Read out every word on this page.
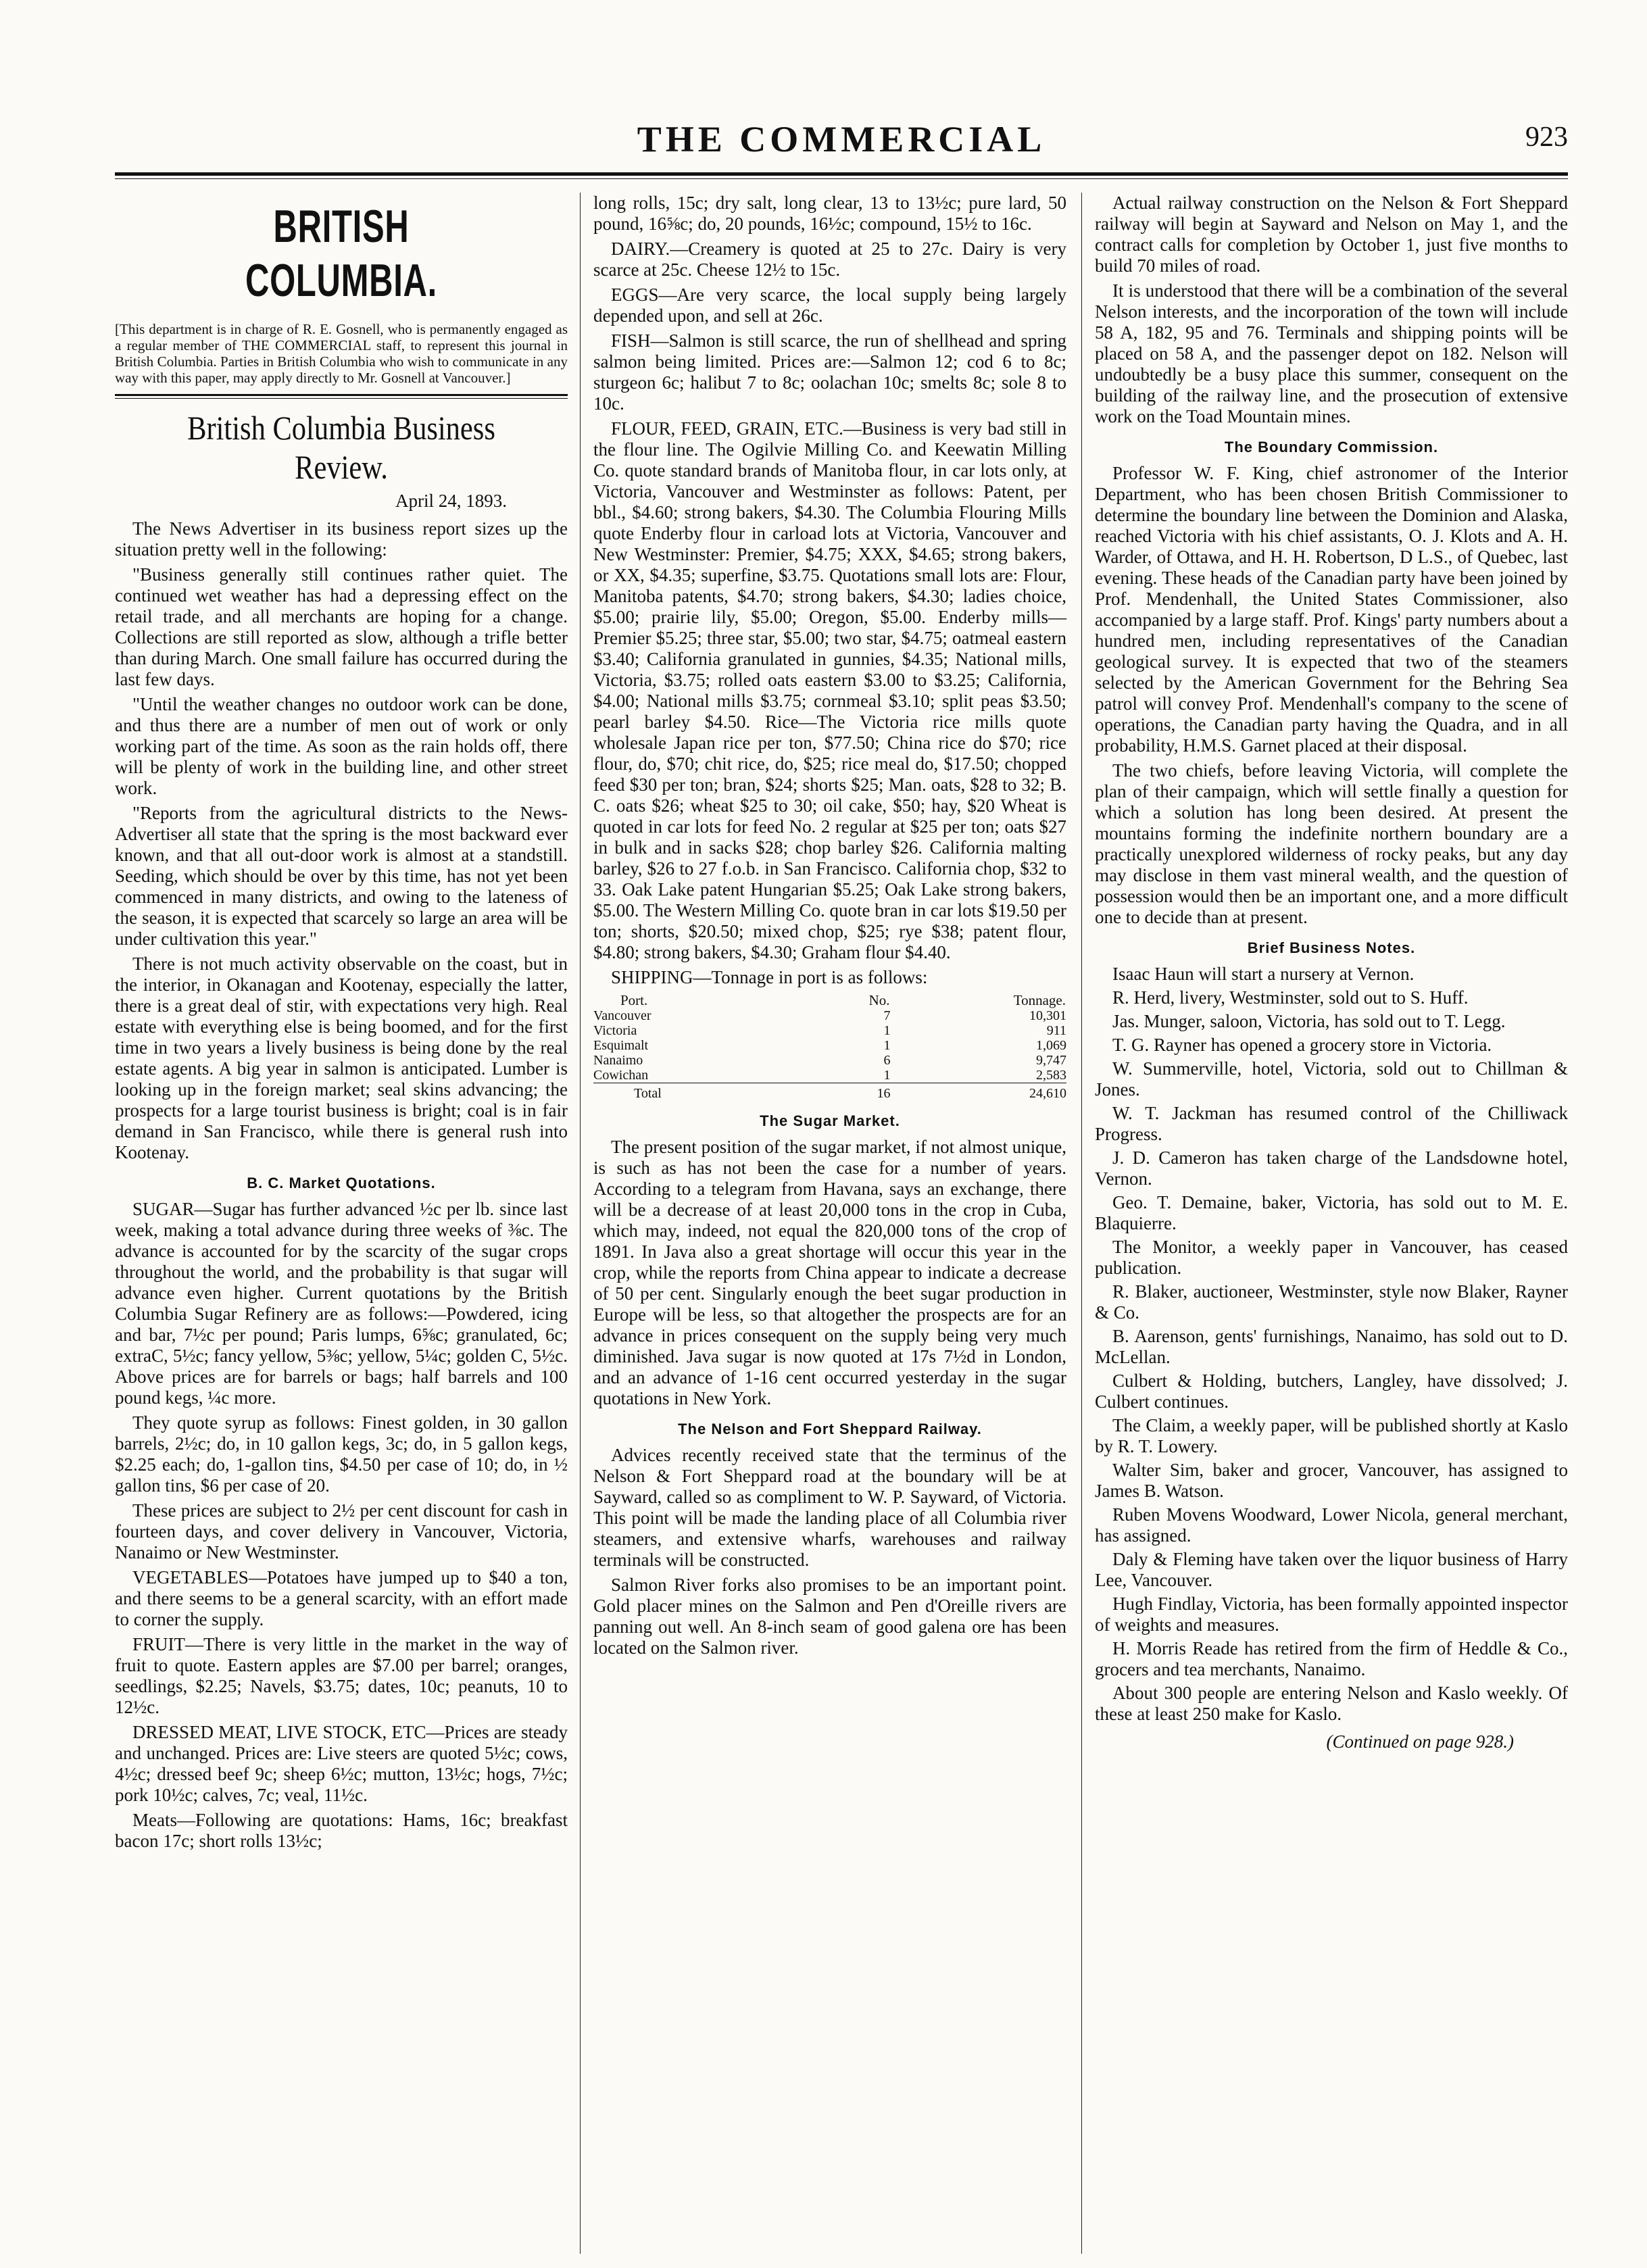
THE COMMERCIAL	923
BRITISH COLUMBIA.

[This department is in charge of R. E. Gosnell, who is permanently engaged as a regular member of THE COMMERCIAL staff, to represent this journal in British Columbia. Parties in British Columbia who wish to communicate in any way with this paper, may apply directly to Mr. Gosnell at Vancouver.]

British Columbia Business Review.
April 24, 1893.

The News Advertiser in its business report sizes up the situation pretty well in the following:

"Business generally still continues rather quiet. The continued wet weather has had a depressing effect on the retail trade, and all merchants are hoping for a change. Collections are still reported as slow, although a trifle better than during March. One small failure has occurred during the last few days.

"Until the weather changes no outdoor work can be done, and thus there are a number of men out of work or only working part of the time. As soon as the rain holds off, there will be plenty of work in the building line, and other street work.

"Reports from the agricultural districts to the News-Advertiser all state that the spring is the most backward ever known, and that all out-door work is almost at a standstill. Seeding, which should be over by this time, has not yet been commenced in many districts, and owing to the lateness of the season, it is expected that scarcely so large an area will be under cultivation this year."

There is not much activity observable on the coast, but in the interior, in Okanagan and Kootenay, especially the latter, there is a great deal of stir, with expectations very high. Real estate with everything else is being boomed, and for the first time in two years a lively business is being done by the real estate agents. A big year in salmon is anticipated. Lumber is looking up in the foreign market; seal skins advancing; the prospects for a large tourist business is bright; coal is in fair demand in San Francisco, while there is general rush into Kootenay.

B. C. Market Quotations.

SUGAR—Sugar has further advanced ½c per lb. since last week, making a total advance during three weeks of ⅜c. The advance is accounted for by the scarcity of the sugar crops throughout the world, and the probability is that sugar will advance even higher. Current quotations by the British Columbia Sugar Refinery are as follows:—Powdered, icing and bar, 7½c per pound; Paris lumps, 6⅝c; granulated, 6c; extraC, 5½c; fancy yellow, 5⅜c; yellow, 5¼c; golden C, 5½c. Above prices are for barrels or bags; half barrels and 100 pound kegs, ¼c more.

They quote syrup as follows: Finest golden, in 30 gallon barrels, 2½c; do, in 10 gallon kegs, 3c; do, in 5 gallon kegs, $2.25 each; do, 1-gallon tins, $4.50 per case of 10; do, in ½ gallon tins, $6 per case of 20.

These prices are subject to 2½ per cent discount for cash in fourteen days, and cover delivery in Vancouver, Victoria, Nanaimo or New Westminster.

VEGETABLES—Potatoes have jumped up to $40 a ton, and there seems to be a general scarcity, with an effort made to corner the supply.

FRUIT—There is very little in the market in the way of fruit to quote. Eastern apples are $7.00 per barrel; oranges, seedlings, $2.25; Navels, $3.75; dates, 10c; peanuts, 10 to 12½c.

DRESSED MEAT, LIVE STOCK, ETC—Prices are steady and unchanged. Prices are: Live steers are quoted 5½c; cows, 4½c; dressed beef 9c; sheep 6½c; mutton, 13½c; hogs, 7½c; pork 10½c; calves, 7c; veal, 11½c.

Meats—Following are quotations: Hams, 16c; breakfast bacon 17c; short rolls 13½c;

long rolls, 15c; dry salt, long clear, 13 to 13½c; pure lard, 50 pound, 16⅝c; do, 20 pounds, 16½c; compound, 15½ to 16c.

DAIRY.—Creamery is quoted at 25 to 27c. Dairy is very scarce at 25c. Cheese 12½ to 15c.

EGGS—Are very scarce, the local supply being largely depended upon, and sell at 26c.

FISH—Salmon is still scarce, the run of shellhead and spring salmon being limited. Prices are:—Salmon 12; cod 6 to 8c; sturgeon 6c; halibut 7 to 8c; oolachan 10c; smelts 8c; sole 8 to 10c.

FLOUR, FEED, GRAIN, ETC.—Business is very bad still in the flour line. The Ogilvie Milling Co. and Keewatin Milling Co. quote standard brands of Manitoba flour, in car lots only, at Victoria, Vancouver and Westminster as follows: Patent, per bbl., $4.60; strong bakers, $4.30. The Columbia Flouring Mills quote Enderby flour in carload lots at Victoria, Vancouver and New Westminster: Premier, $4.75; XXX, $4.65; strong bakers, or XX, $4.35; superfine, $3.75. Quotations small lots are: Flour, Manitoba patents, $4.70; strong bakers, $4.30; ladies choice, $5.00; prairie lily, $5.00; Oregon, $5.00. Enderby mills—Premier $5.25; three star, $5.00; two star, $4.75; oatmeal eastern $3.40; California granulated in gunnies, $4.35; National mills, Victoria, $3.75; rolled oats eastern $3.00 to $3.25; California, $4.00; National mills $3.75; cornmeal $3.10; split peas $3.50; pearl barley $4.50. Rice—The Victoria rice mills quote wholesale Japan rice per ton, $77.50; China rice do $70; rice flour, do, $70; chit rice, do, $25; rice meal do, $17.50; chopped feed $30 per ton; bran, $24; shorts $25; Man. oats, $28 to 32; B. C. oats $26; wheat $25 to 30; oil cake, $50; hay, $20 Wheat is quoted in car lots for feed No. 2 regular at $25 per ton; oats $27 in bulk and in sacks $28; chop barley $26. California malting barley, $26 to 27 f.o.b. in San Francisco. California chop, $32 to 33. Oak Lake patent Hungarian $5.25; Oak Lake strong bakers, $5.00. The Western Milling Co. quote bran in car lots $19.50 per ton; shorts, $20.50; mixed chop, $25; rye $38; patent flour, $4.80; strong bakers, $4.30; Graham flour $4.40.

SHIPPING—Tonnage in port is as follows:

Port.	No.	Tonnage.
Vancouver	7	10,301
Victoria	1	911
Esquimalt	1	1,069
Nanaimo	6	9,747
Cowichan	1	2,583
Total	16	24,610
The Sugar Market.

The present position of the sugar market, if not almost unique, is such as has not been the case for a number of years. According to a telegram from Havana, says an exchange, there will be a decrease of at least 20,000 tons in the crop in Cuba, which may, indeed, not equal the 820,000 tons of the crop of 1891. In Java also a great shortage will occur this year in the crop, while the reports from China appear to indicate a decrease of 50 per cent. Singularly enough the beet sugar production in Europe will be less, so that altogether the prospects are for an advance in prices consequent on the supply being very much diminished. Java sugar is now quoted at 17s 7½d in London, and an advance of 1-16 cent occurred yesterday in the sugar quotations in New York.

The Nelson and Fort Sheppard Railway.

Advices recently received state that the terminus of the Nelson & Fort Sheppard road at the boundary will be at Sayward, called so as compliment to W. P. Sayward, of Victoria. This point will be made the landing place of all Columbia river steamers, and extensive wharfs, warehouses and railway terminals will be constructed.

Salmon River forks also promises to be an important point. Gold placer mines on the Salmon and Pen d'Oreille rivers are panning out well. An 8-inch seam of good galena ore has been located on the Salmon river.

Actual railway construction on the Nelson & Fort Sheppard railway will begin at Sayward and Nelson on May 1, and the contract calls for completion by October 1, just five months to build 70 miles of road.

It is understood that there will be a combination of the several Nelson interests, and the incorporation of the town will include 58 A, 182, 95 and 76. Terminals and shipping points will be placed on 58 A, and the passenger depot on 182. Nelson will undoubtedly be a busy place this summer, consequent on the building of the railway line, and the prosecution of extensive work on the Toad Mountain mines.

The Boundary Commission.

Professor W. F. King, chief astronomer of the Interior Department, who has been chosen British Commissioner to determine the boundary line between the Dominion and Alaska, reached Victoria with his chief assistants, O. J. Klots and A. H. Warder, of Ottawa, and H. H. Robertson, D L.S., of Quebec, last evening. These heads of the Canadian party have been joined by Prof. Mendenhall, the United States Commissioner, also accompanied by a large staff. Prof. Kings' party numbers about a hundred men, including representatives of the Canadian geological survey. It is expected that two of the steamers selected by the American Government for the Behring Sea patrol will convey Prof. Mendenhall's company to the scene of operations, the Canadian party having the Quadra, and in all probability, H.M.S. Garnet placed at their disposal.

The two chiefs, before leaving Victoria, will complete the plan of their campaign, which will settle finally a question for which a solution has long been desired. At present the mountains forming the indefinite northern boundary are a practically unexplored wilderness of rocky peaks, but any day may disclose in them vast mineral wealth, and the question of possession would then be an important one, and a more difficult one to decide than at present.

Brief Business Notes.

Isaac Haun will start a nursery at Vernon.

R. Herd, livery, Westminster, sold out to S. Huff.

Jas. Munger, saloon, Victoria, has sold out to T. Legg.

T. G. Rayner has opened a grocery store in Victoria.

W. Summerville, hotel, Victoria, sold out to Chillman & Jones.

W. T. Jackman has resumed control of the Chilliwack Progress.

J. D. Cameron has taken charge of the Landsdowne hotel, Vernon.

Geo. T. Demaine, baker, Victoria, has sold out to M. E. Blaquierre.

The Monitor, a weekly paper in Vancouver, has ceased publication.

R. Blaker, auctioneer, Westminster, style now Blaker, Rayner & Co.

B. Aarenson, gents' furnishings, Nanaimo, has sold out to D. McLellan.

Culbert & Holding, butchers, Langley, have dissolved; J. Culbert continues.

The Claim, a weekly paper, will be published shortly at Kaslo by R. T. Lowery.

Walter Sim, baker and grocer, Vancouver, has assigned to James B. Watson.

Ruben Movens Woodward, Lower Nicola, general merchant, has assigned.

Daly & Fleming have taken over the liquor business of Harry Lee, Vancouver.

Hugh Findlay, Victoria, has been formally appointed inspector of weights and measures.

H. Morris Reade has retired from the firm of Heddle & Co., grocers and tea merchants, Nanaimo.

About 300 people are entering Nelson and Kaslo weekly. Of these at least 250 make for Kaslo.

(Continued on page 928.)
